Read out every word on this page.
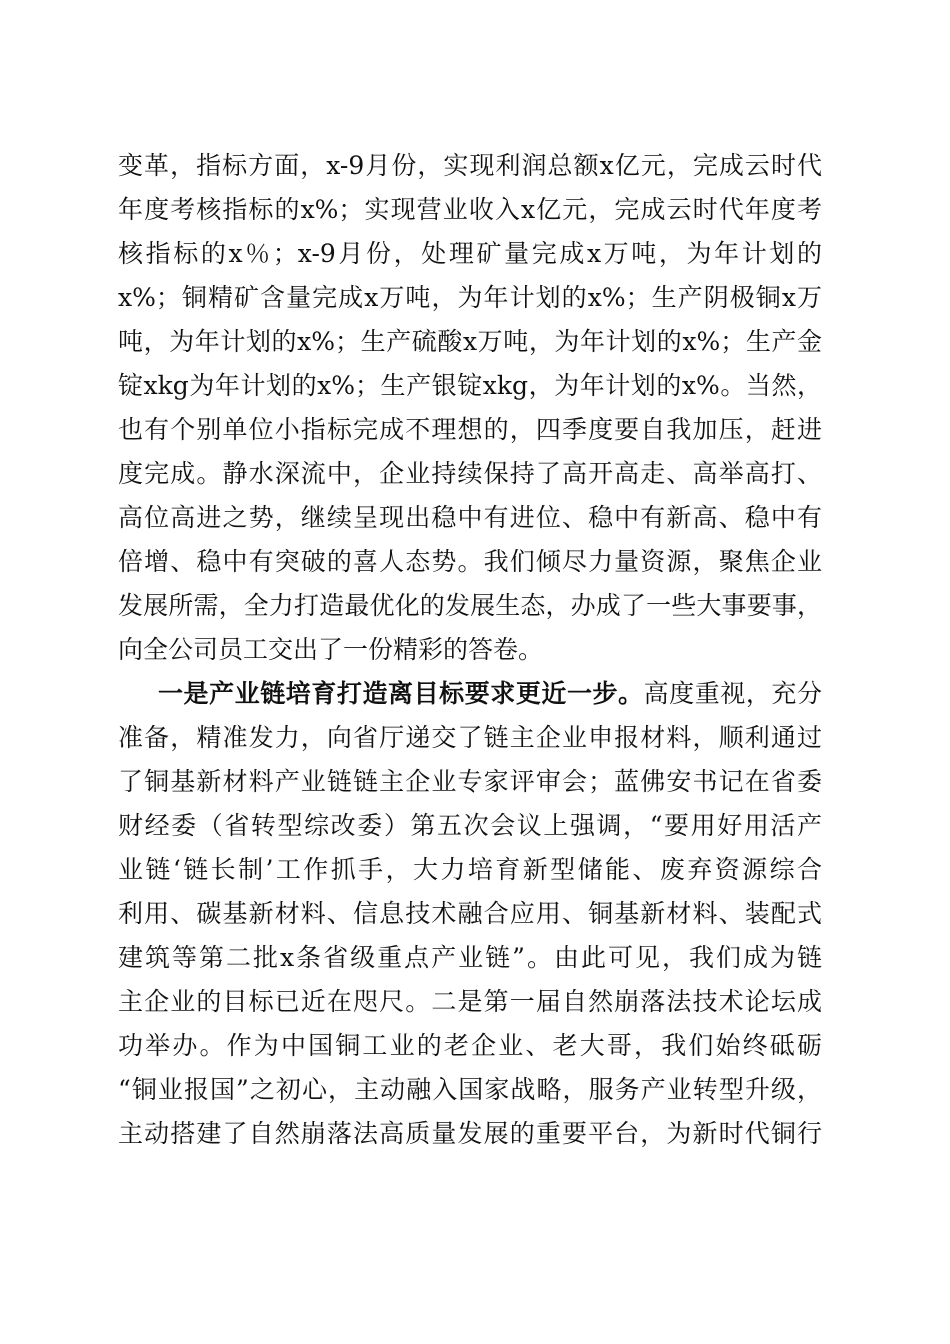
变革，指标方面，x-9月份，实现利润总额x亿元，完成云时代
年度考核指标的x%；实现营业收入x亿元，完成云时代年度考
核指标的x％；x-9月份，处理矿量完成x万吨，为年计划的
x%；铜精矿含量完成x万吨，为年计划的x%；生产阴极铜x万
吨，为年计划的x%；生产硫酸x万吨，为年计划的x%；生产金
锭xkg为年计划的x%；生产银锭xkg，为年计划的x%。当然，
也有个别单位小指标完成不理想的，四季度要自我加压，赶进
度完成。静水深流中，企业持续保持了高开高走、高举高打、
高位高进之势，继续呈现出稳中有进位、稳中有新高、稳中有
倍增、稳中有突破的喜人态势。我们倾尽力量资源，聚焦企业
发展所需，全力打造最优化的发展生态，办成了一些大事要事，
向全公司员工交出了一份精彩的答卷。
一是产业链培育打造离目标要求更近一步。高度重视，充分
准备，精准发力，向省厅递交了链主企业申报材料，顺利通过
了铜基新材料产业链链主企业专家评审会；蓝佛安书记在省委
财经委（省转型综改委）第五次会议上强调，“要用好用活产
业链‘链长制’工作抓手，大力培育新型储能、废弃资源综合
利用、碳基新材料、信息技术融合应用、铜基新材料、装配式
建筑等第二批x条省级重点产业链”。由此可见，我们成为链
主企业的目标已近在咫尺。二是第一届自然崩落法技术论坛成
功举办。作为中国铜工业的老企业、老大哥，我们始终砥砺
“铜业报国”之初心，主动融入国家战略，服务产业转型升级，
主动搭建了自然崩落法高质量发展的重要平台，为新时代铜行
